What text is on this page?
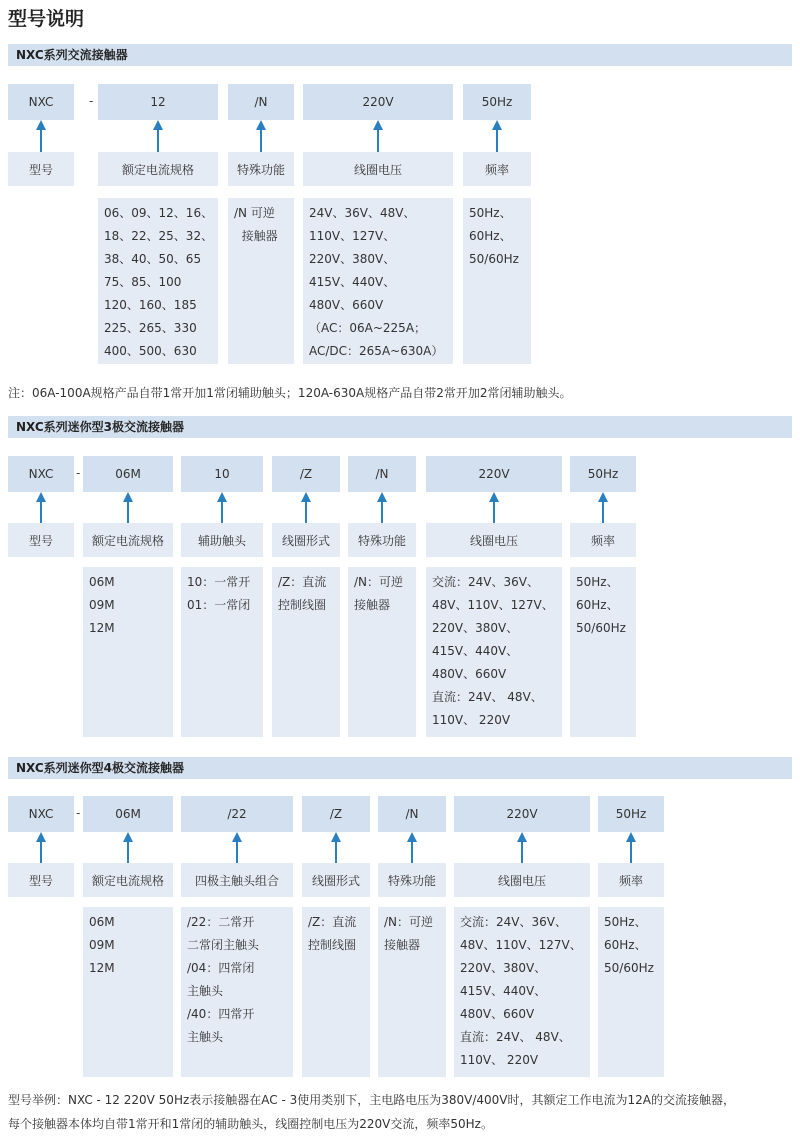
型号说明
NXC系列交流接触器
-
NXC
型号
12
额定电流规格
06、09、12、16、
18、22、25、32、
38、40、50、65
75、85、100
120、160、185
225、265、330
400、500、630
/N
特殊功能
/N 可逆
接触器
220V
线圈电压
24V、36V、48V、
110V、127V、
220V、380V、
415V、440V、
480V、660V
（AC：06A~225A；
AC/DC：265A~630A）
50Hz
频率
50Hz、
60Hz、
50/60Hz
注：06A-100A规格产品自带1常开加1常闭辅助触头；120A-630A规格产品自带2常开加2常闭辅助触头。
NXC系列迷你型3极交流接触器
-
NXC
型号
06M
额定电流规格
06M
09M
12M
10
辅助触头
10：一常开
01：一常闭
/Z
线圈形式
/Z：直流
控制线圈
/N
特殊功能
/N：可逆
接触器
220V
线圈电压
交流：24V、36V、
48V、110V、127V、
220V、380V、
415V、440V、
480V、660V
直流：24V、 48V、
110V、 220V
50Hz
频率
50Hz、
60Hz、
50/60Hz
NXC系列迷你型4极交流接触器
-
NXC
型号
06M
额定电流规格
06M
09M
12M
/22
四极主触头组合
/22：二常开
二常闭主触头
/04：四常闭
主触头
/40：四常开
主触头
/Z
线圈形式
/Z：直流
控制线圈
/N
特殊功能
/N：可逆
接触器
220V
线圈电压
交流：24V、36V、
48V、110V、127V、
220V、380V、
415V、440V、
480V、660V
直流：24V、 48V、
110V、 220V
50Hz
频率
50Hz、
60Hz、
50/60Hz
型号举例：NXC - 12 220V 50Hz表示接触器在AC - 3使用类别下，主电路电压为380V/400V时，其额定工作电流为12A的交流接触器，
每个接触器本体均自带1常开和1常闭的辅助触头，线圈控制电压为220V交流，频率50Hz。
